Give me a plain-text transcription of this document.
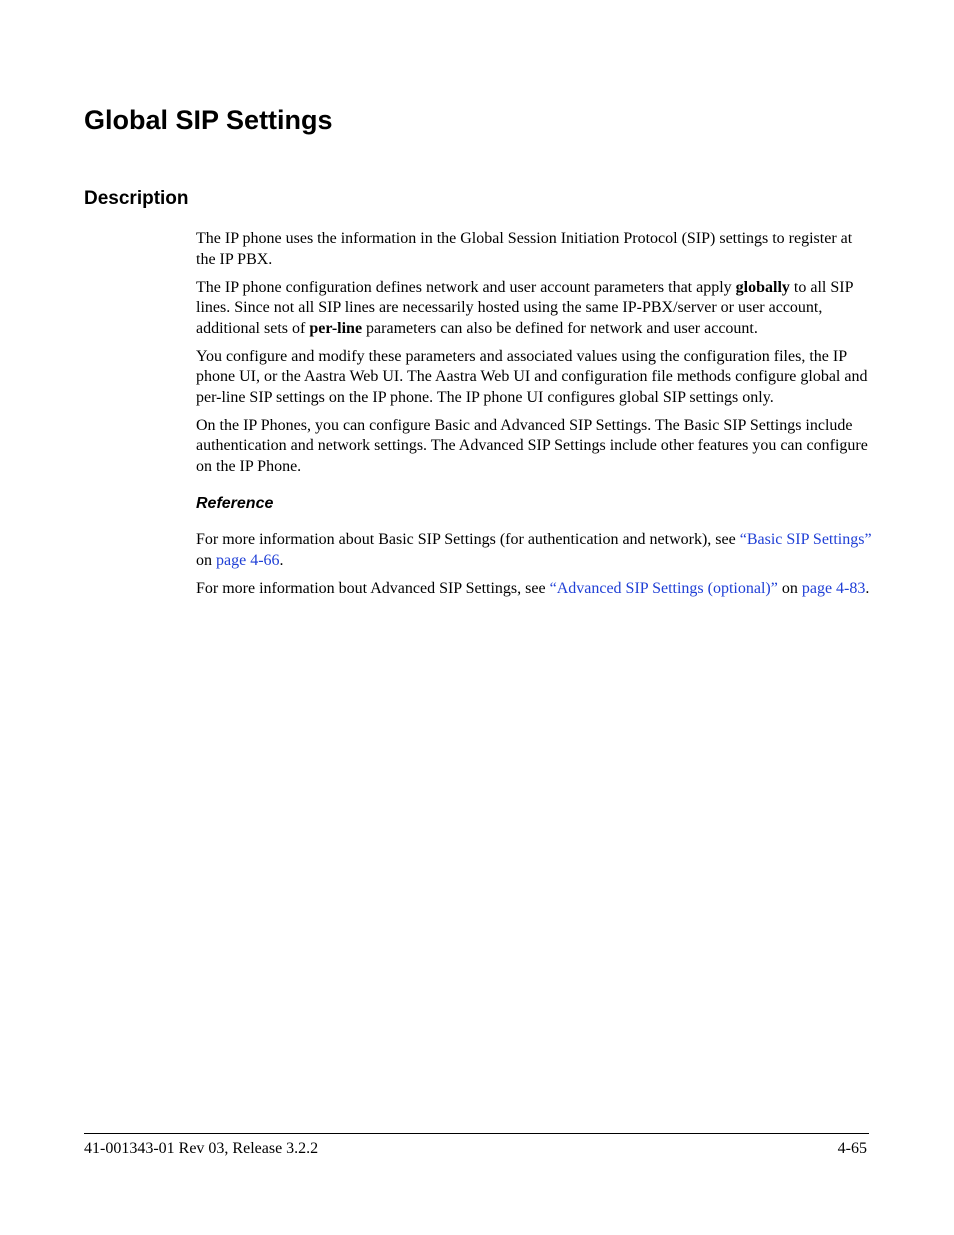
Global SIP Settings
Description

The IP phone uses the information in the Global Session Initiation Protocol (SIP) settings to register at the IP PBX.

The IP phone configuration defines network and user account parameters that apply globally to all SIP lines. Since not all SIP lines are necessarily hosted using the same IP-PBX/server or user account, additional sets of per-line parameters can also be defined for network and user account.

You configure and modify these parameters and associated values using the configuration files, the IP phone UI, or the Aastra Web UI. The Aastra Web UI and configuration file methods configure global and per-line SIP settings on the IP phone. The IP phone UI configures global SIP settings only.

On the IP Phones, you can configure Basic and Advanced SIP Settings. The Basic SIP Settings include authentication and network settings. The Advanced SIP Settings include other features you can configure on the IP Phone.

Reference

For more information about Basic SIP Settings (for authentication and network), see “Basic SIP Settings” on page 4-66.

For more information bout Advanced SIP Settings, see “Advanced SIP Settings (optional)” on page 4-83.

41-001343-01 Rev 03, Release 3.2.2	4-65
